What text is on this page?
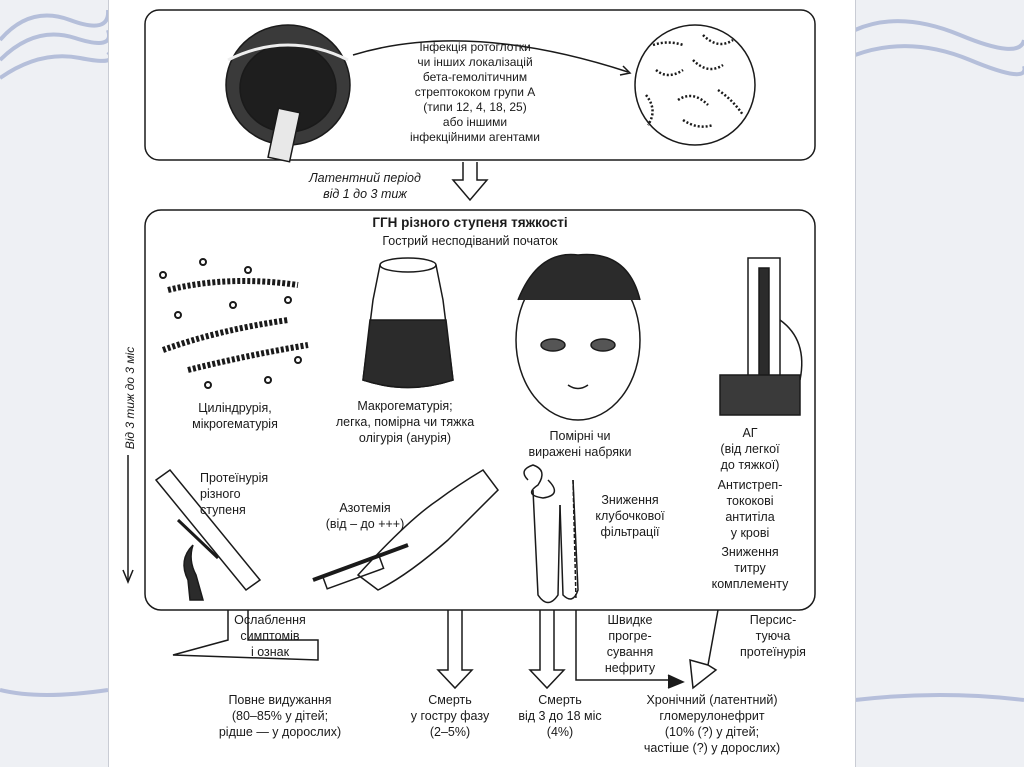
Інфекція ротоглотки
чи інших локалізацій
бета-гемолітичним
стрептококом групи А
(типи 12, 4, 18, 25)
або іншими
інфекційними агентами
Латентний період
від 1 до 3 тиж
ГГН різного ступеня тяжкості
Гострий несподіваний початок
Від 3 тиж до 3 міс	Циліндрурія,
мікрогематурія
Макрогематурія;
легка, помірна чи тяжка
олігурія (анурія)	Помірні чи
виражені набряки
АГ
(від легкої
до тяжкої)
Протеїнурія
різного
ступеня	Азотемія
(від – до +++)
Зниження
клубочкової
фільтрації
Антистреп-
тококові
антитіла
у крові
Зниження
титру
комплементу
Ослаблення
симптомів
і ознак
Швидке
прогре-
сування
нефриту
Персис-
туюча
протеїнурія
Повне видужання
(80–85% у дітей;
рідше — у дорослих)
Смерть
у гостру фазу
(2–5%)
Смерть
від 3 до 18 міс
(4%)
Хронічний (латентний)
гломерулонефрит
(10% (?) у дітей;
частіше (?) у дорослих)
